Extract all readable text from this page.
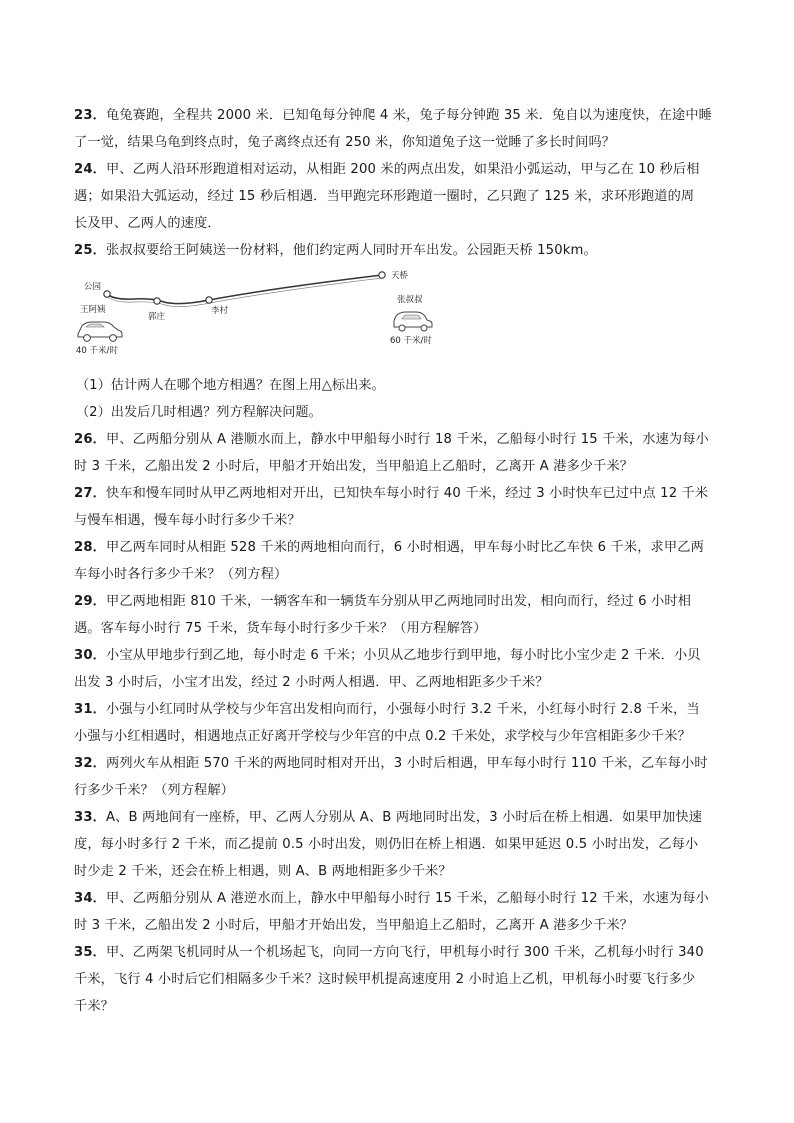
23．龟兔赛跑，全程共 2000 米．已知龟每分钟爬 4 米，兔子每分钟跑 35 米．兔自以为速度快，在途中睡
了一觉，结果乌龟到终点时，兔子离终点还有 250 米，你知道兔子这一觉睡了多长时间吗？

24．甲、乙两人沿环形跑道相对运动，从相距 200 米的两点出发，如果沿小弧运动，甲与乙在 10 秒后相
遇；如果沿大弧运动，经过 15 秒后相遇．当甲跑完环形跑道一圈时，乙只跑了 125 米，求环形跑道的周
长及甲、乙两人的速度．

25．张叔叔要给王阿姨送一份材料，他们约定两人同时开车出发。公园距天桥 150km。

公园
郭庄
李村
天桥
王阿姨
张叔叔
40 千米/时
60 千米/时

（1）估计两人在哪个地方相遇？在图上用△标出来。

（2）出发后几时相遇？列方程解决问题。

26．甲、乙两船分别从 A 港顺水而上，静水中甲船每小时行 18 千米，乙船每小时行 15 千米，水速为每小
时 3 千米，乙船出发 2 小时后，甲船才开始出发，当甲船追上乙船时，乙离开 A 港多少千米？

27．快车和慢车同时从甲乙两地相对开出，已知快车每小时行 40 千米，经过 3 小时快车已过中点 12 千米
与慢车相遇，慢车每小时行多少千米？

28．甲乙两车同时从相距 528 千米的两地相向而行，6 小时相遇，甲车每小时比乙车快 6 千米，求甲乙两
车每小时各行多少千米？（列方程）

29．甲乙两地相距 810 千米，一辆客车和一辆货车分别从甲乙两地同时出发，相向而行，经过 6 小时相
遇。客车每小时行 75 千米，货车每小时行多少千米？（用方程解答）

30．小宝从甲地步行到乙地，每小时走 6 千米；小贝从乙地步行到甲地，每小时比小宝少走 2 千米．小贝
出发 3 小时后，小宝才出发，经过 2 小时两人相遇．甲、乙两地相距多少千米？

31．小强与小红同时从学校与少年宫出发相向而行，小强每小时行 3.2 千米，小红每小时行 2.8 千米，当
小强与小红相遇时，相遇地点正好离开学校与少年宫的中点 0.2 千米处，求学校与少年宫相距多少千米？

32．两列火车从相距 570 千米的两地同时相对开出，3 小时后相遇，甲车每小时行 110 千米，乙车每小时
行多少千米？（列方程解）

33．A、B 两地间有一座桥，甲、乙两人分别从 A、B 两地同时出发，3 小时后在桥上相遇．如果甲加快速
度，每小时多行 2 千米，而乙提前 0.5 小时出发，则仍旧在桥上相遇．如果甲延迟 0.5 小时出发，乙每小
时少走 2 千米，还会在桥上相遇，则 A、B 两地相距多少千米？

34．甲、乙两船分别从 A 港逆水而上，静水中甲船每小时行 15 千米，乙船每小时行 12 千米，水速为每小
时 3 千米，乙船出发 2 小时后，甲船才开始出发，当甲船追上乙船时，乙离开 A 港多少千米？

35．甲、乙两架飞机同时从一个机场起飞，向同一方向飞行，甲机每小时行 300 千米，乙机每小时行 340
千米，飞行 4 小时后它们相隔多少千米？这时候甲机提高速度用 2 小时追上乙机，甲机每小时要飞行多少
千米？
